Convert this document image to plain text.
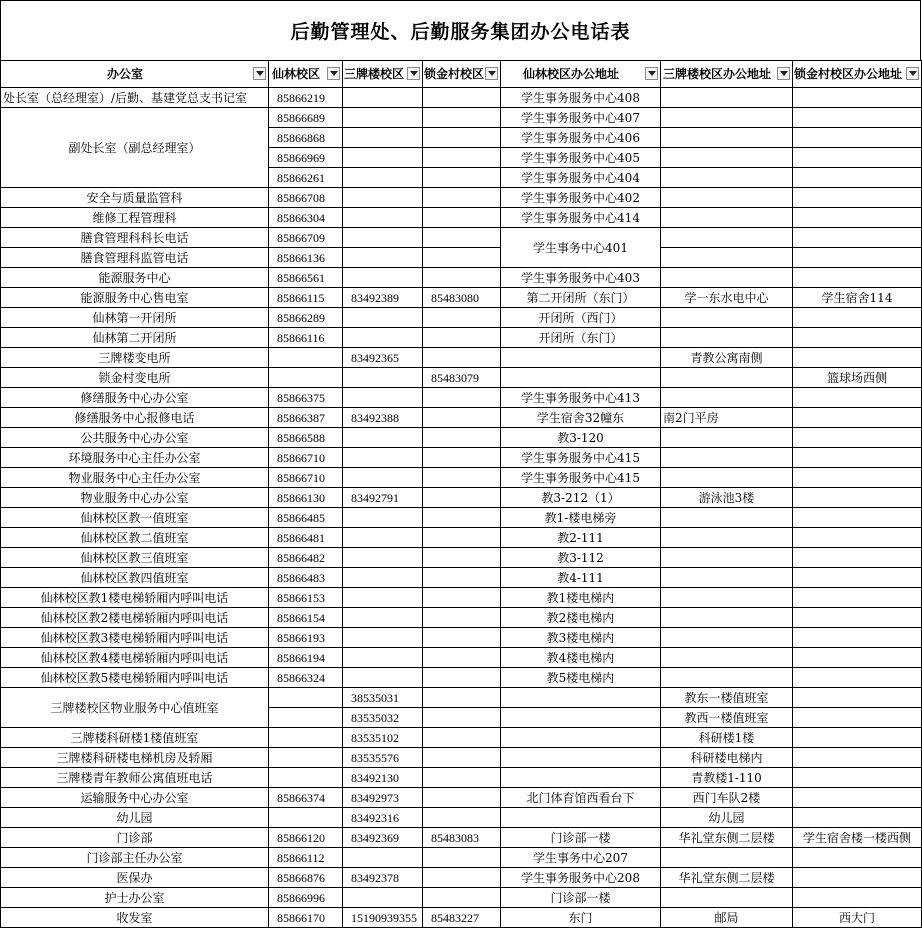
后勤管理处、后勤服务集团办公电话表
办公室	仙林校区	三牌楼校区	锁金村校区	仙林校区办公地址	三牌楼校区办公地址	锁金村校区办公地址

处长室（总经理室）/后勤、基建党总支书记室	85866219			学生事务服务中心408		
副处长室（副总经理室）	85866689			学生事务服务中心407		
	85866868			学生事务服务中心406		
	85866969			学生事务服务中心405		
	85866261			学生事务服务中心404		
安全与质量监管科	85866708			学生事务服务中心402		
维修工程管理科	85866304			学生事务服务中心414		
膳食管理科科长电话	85866709			学生事务中心401		
膳食管理科监管电话	85866136					
能源服务中心	85866561			学生事务服务中心403		
能源服务中心售电室	85866115	83492389	85483080	第二开闭所（东门）	学一东水电中心	学生宿舍114
仙林第一开闭所	85866289			开闭所（西门）		
仙林第二开闭所	85866116			开闭所（东门）		
三牌楼变电所		83492365			青教公寓南侧	
锁金村变电所			85483079			篮球场西侧
修缮服务中心办公室	85866375			学生事务服务中心413		
修缮服务中心报修电话	85866387	83492388		学生宿舍32幢东	南2门平房	
公共服务中心办公室	85866588			教3-120		
环境服务中心主任办公室	85866710			学生事务服务中心415		
物业服务中心主任办公室	85866710			学生事务服务中心415		
物业服务中心办公室	85866130	83492791		教3-212（1）	游泳池3楼	
仙林校区教一值班室	85866485			教1-楼电梯旁		
仙林校区教二值班室	85866481			教2-111		
仙林校区教三值班室	85866482			教3-112		
仙林校区教四值班室	85866483			教4-111		
仙林校区教1楼电梯轿厢内呼叫电话	85866153			教1楼电梯内		
仙林校区教2楼电梯轿厢内呼叫电话	85866154			教2楼电梯内		
仙林校区教3楼电梯轿厢内呼叫电话	85866193			教3楼电梯内		
仙林校区教4楼电梯轿厢内呼叫电话	85866194			教4楼电梯内		
仙林校区教5楼电梯轿厢内呼叫电话	85866324			教5楼电梯内		
三牌楼校区物业服务中心值班室		38535031			教东一楼值班室	
		83535032			教西一楼值班室	
三牌楼科研楼1楼值班室		83535102			科研楼1楼	
三牌楼科研楼电梯机房及轿厢		83535576			科研楼电梯内	
三牌楼青年教师公寓值班电话		83492130			青教楼1-110	
运输服务中心办公室	85866374	83492973		北门体育馆西看台下	西门车队2楼	
幼儿园		83492316			幼儿园	
门诊部	85866120	83492369	85483083	门诊部一楼	华礼堂东侧二层楼	学生宿舍楼一楼西侧
门诊部主任办公室	85866112			学生事务中心207		
医保办	85866876	83492378		学生事务服务中心208	华礼堂东侧二层楼	
护士办公室	85866996			门诊部一楼		
收发室	85866170	15190939355	85483227	东门	邮局	西大门
